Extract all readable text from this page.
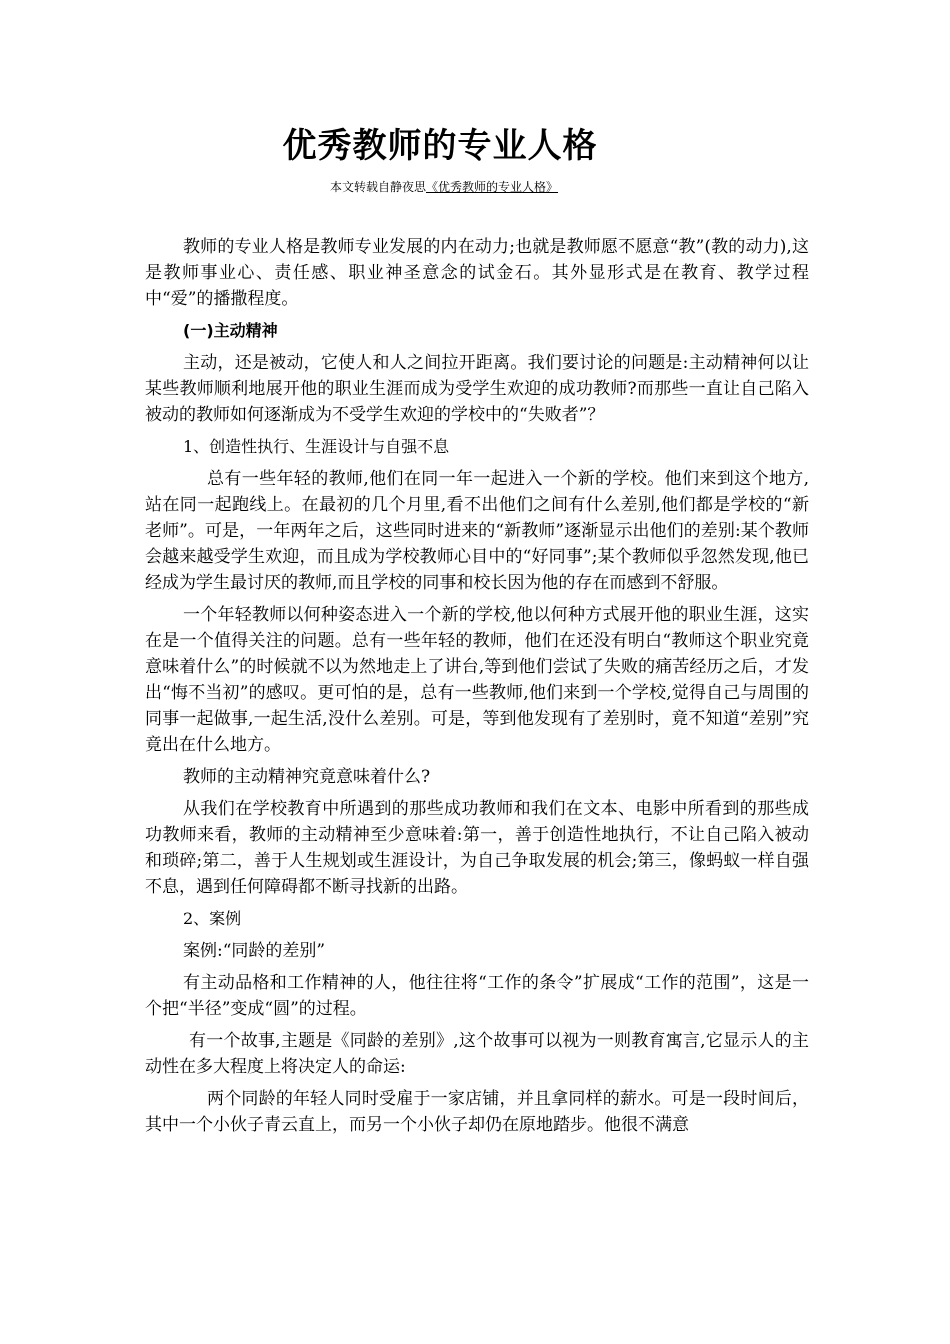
优秀教师的专业人格
本文转载自静夜思《优秀教师的专业人格》

教师的专业人格是教师专业发展的内在动力;也就是教师愿不愿意“教”(教的动力),这是教师事业心、责任感、职业神圣意念的试金石。其外显形式是在教育、教学过程中“爱”的播撒程度。

(一)主动精神

主动，还是被动，它使人和人之间拉开距离。我们要讨论的问题是:主动精神何以让某些教师顺利地展开他的职业生涯而成为受学生欢迎的成功教师?而那些一直让自己陷入被动的教师如何逐渐成为不受学生欢迎的学校中的“失败者”？

1、创造性执行、生涯设计与自强不息

总有一些年轻的教师,他们在同一年一起进入一个新的学校。他们来到这个地方,站在同一起跑线上。在最初的几个月里,看不出他们之间有什么差别,他们都是学校的“新老师”。可是，一年两年之后，这些同时进来的“新教师”逐渐显示出他们的差别:某个教师会越来越受学生欢迎，而且成为学校教师心目中的“好同事”;某个教师似乎忽然发现,他已经成为学生最讨厌的教师,而且学校的同事和校长因为他的存在而感到不舒服。

一个年轻教师以何种姿态进入一个新的学校,他以何种方式展开他的职业生涯，这实在是一个值得关注的问题。总有一些年轻的教师，他们在还没有明白“教师这个职业究竟意味着什么”的时候就不以为然地走上了讲台,等到他们尝试了失败的痛苦经历之后，才发出“悔不当初”的感叹。更可怕的是，总有一些教师,他们来到一个学校,觉得自己与周围的同事一起做事,一起生活,没什么差别。可是，等到他发现有了差别时，竟不知道“差别”究竟出在什么地方。

教师的主动精神究竟意味着什么?

从我们在学校教育中所遇到的那些成功教师和我们在文本、电影中所看到的那些成功教师来看，教师的主动精神至少意味着:第一，善于创造性地执行，不让自己陷入被动和琐碎;第二，善于人生规划或生涯设计，为自己争取发展的机会;第三，像蚂蚁一样自强不息，遇到任何障碍都不断寻找新的出路。

2、案例

案例:“同龄的差别”

有主动品格和工作精神的人，他往往将“工作的条令”扩展成“工作的范围”，这是一个把“半径”变成“圆”的过程。

有一个故事,主题是《同龄的差别》,这个故事可以视为一则教育寓言,它显示人的主动性在多大程度上将决定人的命运:

两个同龄的年轻人同时受雇于一家店铺，并且拿同样的薪水。可是一段时间后，其中一个小伙子青云直上，而另一个小伙子却仍在原地踏步。他很不满意
